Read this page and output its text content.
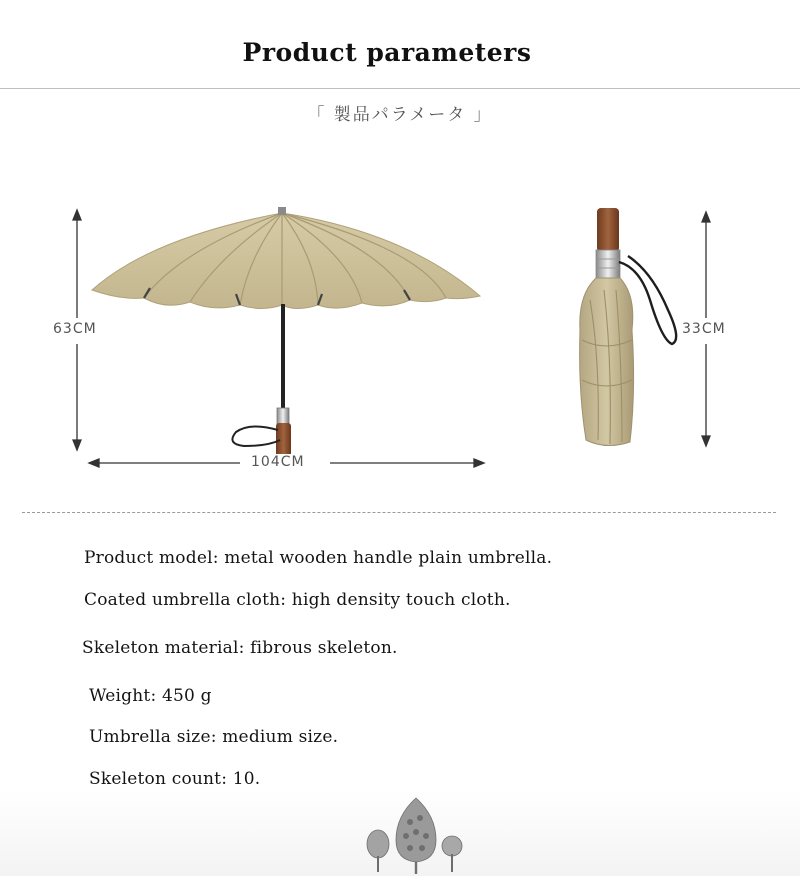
Product parameters
「 製品パラメータ 」
63CM
104CM
33CM
Product model: metal wooden handle plain umbrella.
Coated umbrella cloth: high density touch cloth.
Skeleton material: fibrous skeleton.
Weight: 450 g
Umbrella size: medium size.
Skeleton count: 10.
